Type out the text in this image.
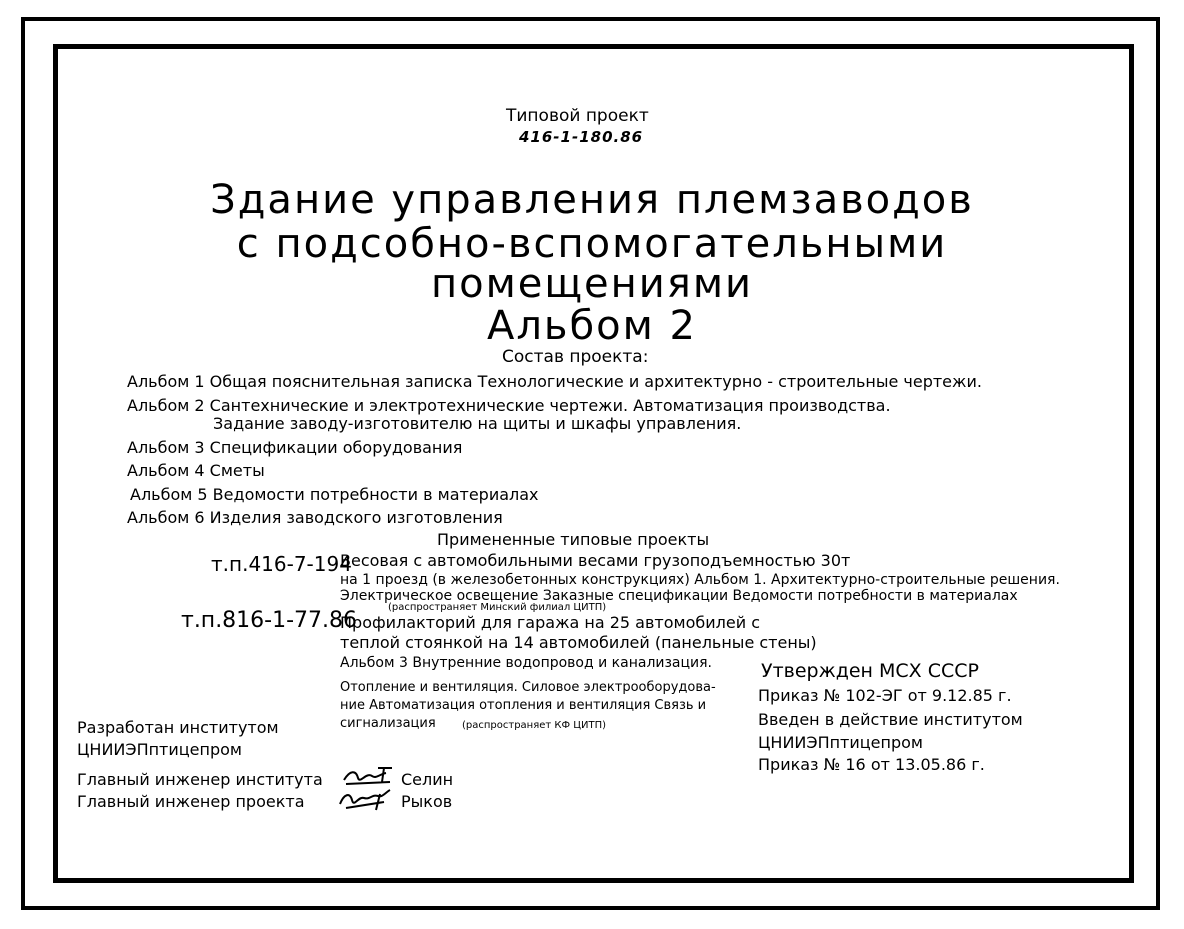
Типовой проект
416-1-180.86
Здание управления племзаводов
с подсобно-вспомогательными
помещениями
Альбом 2
Состав проекта:
Альбом 1 Общая пояснительная записка Технологические и архитектурно - строительные чертежи.
Альбом 2 Сантехнические и электротехнические чертежи. Автоматизация производства.
Задание заводу-изготовителю на щиты и шкафы управления.
Альбом 3 Спецификации оборудования
Альбом 4 Сметы
Альбом 5 Ведомости потребности в материалах
Альбом 6 Изделия заводского изготовления
Примененные типовые проекты
т.п.416-7-194
Весовая с автомобильными весами грузоподъемностью 30т
на 1 проезд (в железобетонных конструкциях) Альбом 1. Архитектурно-строительные решения.
Электрическое освещение Заказные спецификации Ведомости потребности в материалах
(распространяет Минский филиал ЦИТП)
т.п.816-1-77.86
Профилакторий для гаража на 25 автомобилей с
теплой стоянкой на 14 автомобилей (панельные стены)
Альбом 3 Внутренние водопровод и канализация.
Отопление и вентиляция. Силовое электрооборудова-
ние Автоматизация отопления и вентиляция Связь и
сигнализация	(распространяет КФ ЦИТП)
Утвержден МСХ СССР
Приказ № 102-ЭГ от 9.12.85 г.
Введен в действие институтом
ЦНИИЭПптицепром
Приказ № 16 от 13.05.86 г.
Разработан институтом
ЦНИИЭПптицепром
Главный инженер института	Селин
Главный инженер проекта	Рыков
